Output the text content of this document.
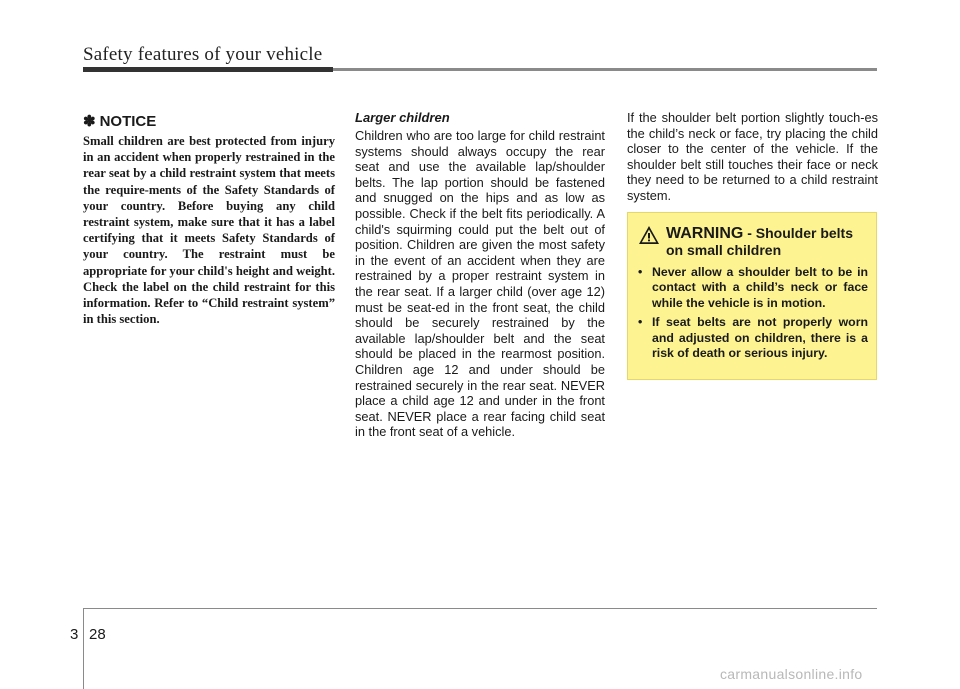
Safety features of your vehicle
✽ NOTICE

Small children are best protected from injury in an accident when properly restrained in the rear seat by a child restraint system that meets the require-ments of the Safety Standards of your country. Before buying any child restraint system, make sure that it has a label certifying that it meets Safety Standards of your country. The restraint must be appropriate for your child's height and weight. Check the label on the child restraint for this information. Refer to “Child restraint system” in this section.

Larger children

Children who are too large for child restraint systems should always occupy the rear seat and use the available lap/shoulder belts. The lap portion should be fastened and snugged on the hips and as low as possible. Check if the belt fits periodically. A child's squirming could put the belt out of position. Children are given the most safety in the event of an accident when they are restrained by a proper restraint system in the rear seat. If a larger child (over age 12) must be seat-ed in the front seat, the child should be securely restrained by the available lap/shoulder belt and the seat should be placed in the rearmost position. Children age 12 and under should be restrained securely in the rear seat. NEVER place a child age 12 and under in the front seat. NEVER place a rear facing child seat in the front seat of a vehicle.

If the shoulder belt portion slightly touch-es the child’s neck or face, try placing the child closer to the center of the vehicle. If the shoulder belt still touches their face or neck they need to be returned to a child restraint system.

WARNING - Shoulder belts on small children
• Never allow a shoulder belt to be in contact with a child’s neck or face while the vehicle is in motion.
• If seat belts are not properly worn and adjusted on children, there is a risk of death or serious injury.
3 28
carmanualsonline.info
